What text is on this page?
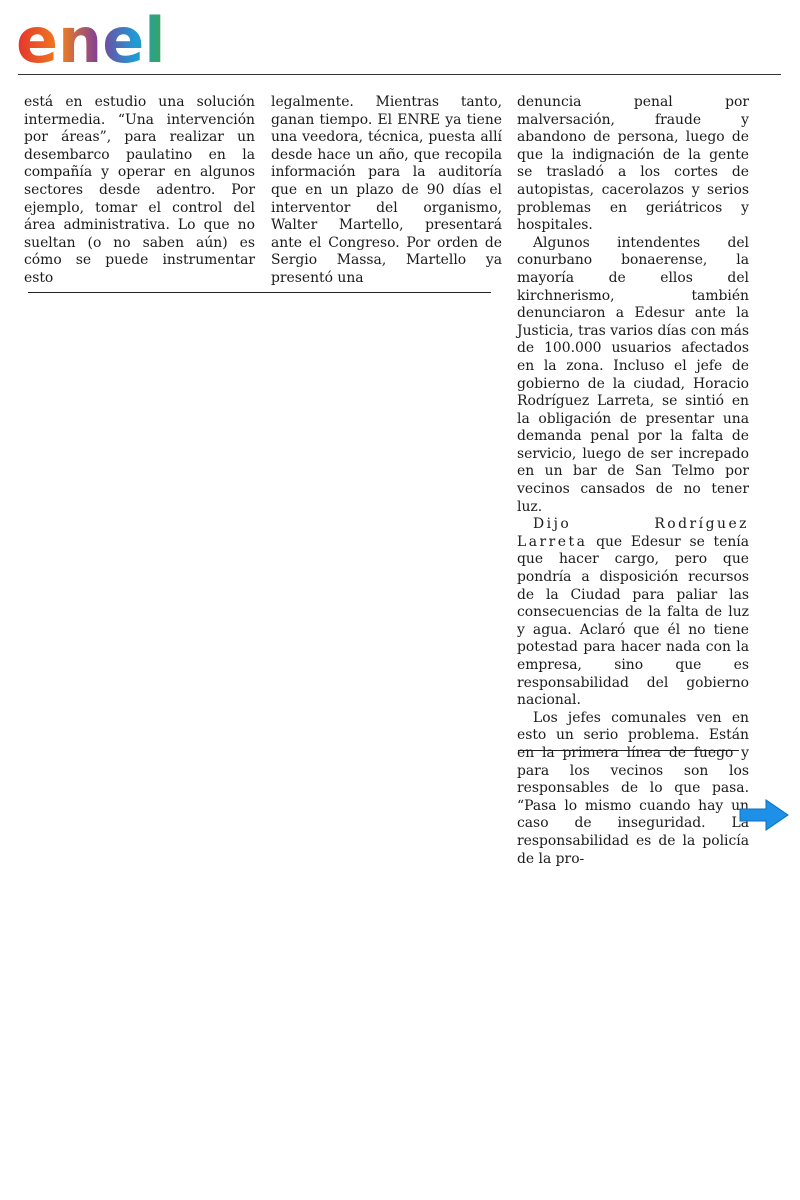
enel

está en estudio una solución intermedia. “Una intervención por áreas”, para realizar un desembarco paulatino en la compañía y operar en algunos sectores desde adentro. Por ejemplo, tomar el control del área administrativa. Lo que no sueltan (o no saben aún) es cómo se puede instrumentar esto

legalmente. Mientras tanto, ganan tiempo. El ENRE ya tiene una veedora, técnica, puesta allí desde hace un año, que recopila información para la auditoría que en un plazo de 90 días el interventor del organismo, Walter Martello, presentará ante el Congreso. Por orden de Sergio Massa, Martello ya presentó una

denuncia penal por malversación, fraude y abandono de persona, luego de que la indignación de la gente se trasladó a los cortes de autopistas, cacerolazos y serios problemas en geriátricos y hospitales.

Algunos intendentes del conurbano bonaerense, la mayoría de ellos del kirchnerismo, también denunciaron a Edesur ante la Justicia, tras varios días con más de 100.000 usuarios afectados en la zona. Incluso el jefe de gobierno de la ciudad, Horacio Rodríguez Larreta, se sintió en la obligación de presentar una demanda penal por la falta de servicio, luego de ser increpado en un bar de San Telmo por vecinos cansados de no tener luz.

Dijo Rodríguez Larreta que Edesur se tenía que hacer cargo, pero que pondría a disposición recursos de la Ciudad para paliar las consecuencias de la falta de luz y agua. Aclaró que él no tiene potestad para hacer nada con la empresa, sino que es responsabilidad del gobierno nacional.

Los jefes comunales ven en esto un serio problema. Están en la primera línea de fuego y para los vecinos son los responsables de lo que pasa. “Pasa lo mismo cuando hay un caso de inseguridad. La responsabilidad es de la policía de la pro-
